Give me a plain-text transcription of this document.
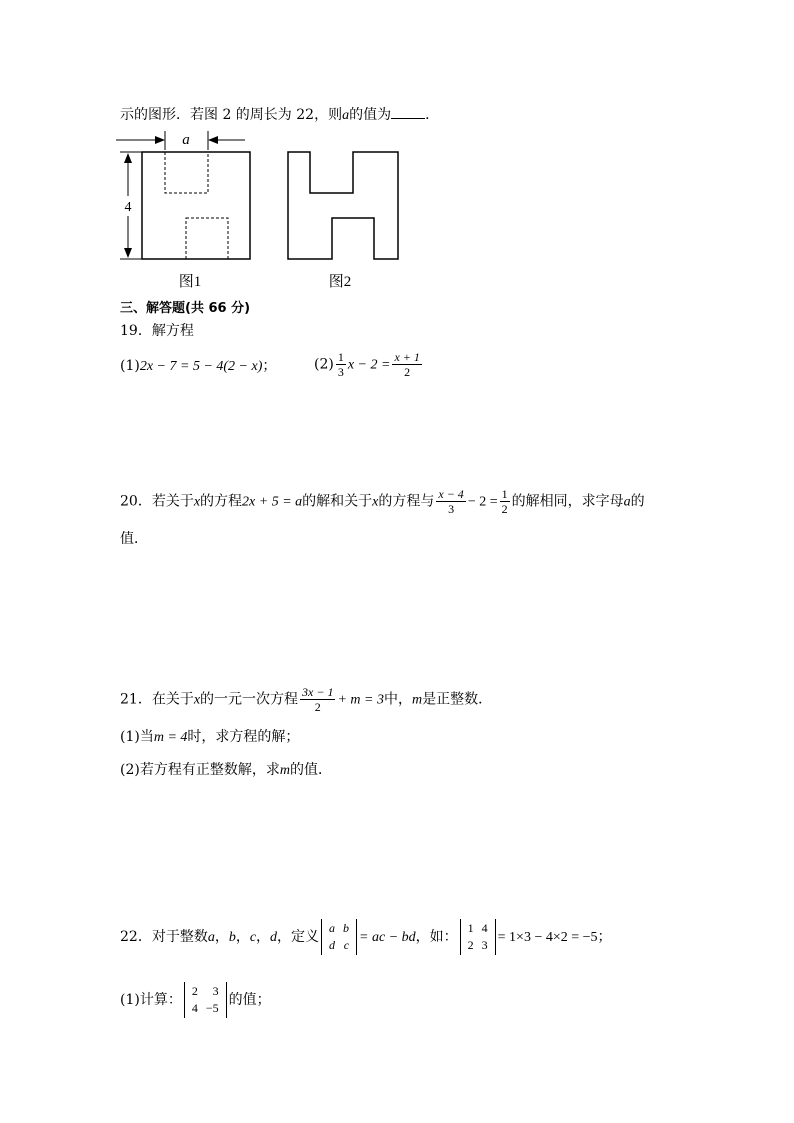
示的图形．若图 2 的周长为 22，则a的值为 ．
a
4
图1	图2
三、解答题(共 66 分)
19．解方程
(1)2x − 7 = 5 − 4(2 − x)；	$(2) \frac{1}{3}$ $x - 2 = \frac{x + 1}{2}$
20．若关于x的方程2x + 5 = a的解和关于x的方程与 $\frac{x - 4}{3} - 2 = \frac{1}{2}$ 的解相同，求字母a的
值．
21．在关于x的一元一次方程 $\frac{3x - 1}{2} + m = 3$中，m是正整数．
(1)当m = 4时，求方程的解；
(2)若方程有正整数解，求m的值．
22．对于整数a，b，c，d，定义
a	b
d	c = ac − bd，如：
1	4
2	3 = 1×3 − 4×2 = −5；
(1)计算：
2	3
4	−5 的值；
